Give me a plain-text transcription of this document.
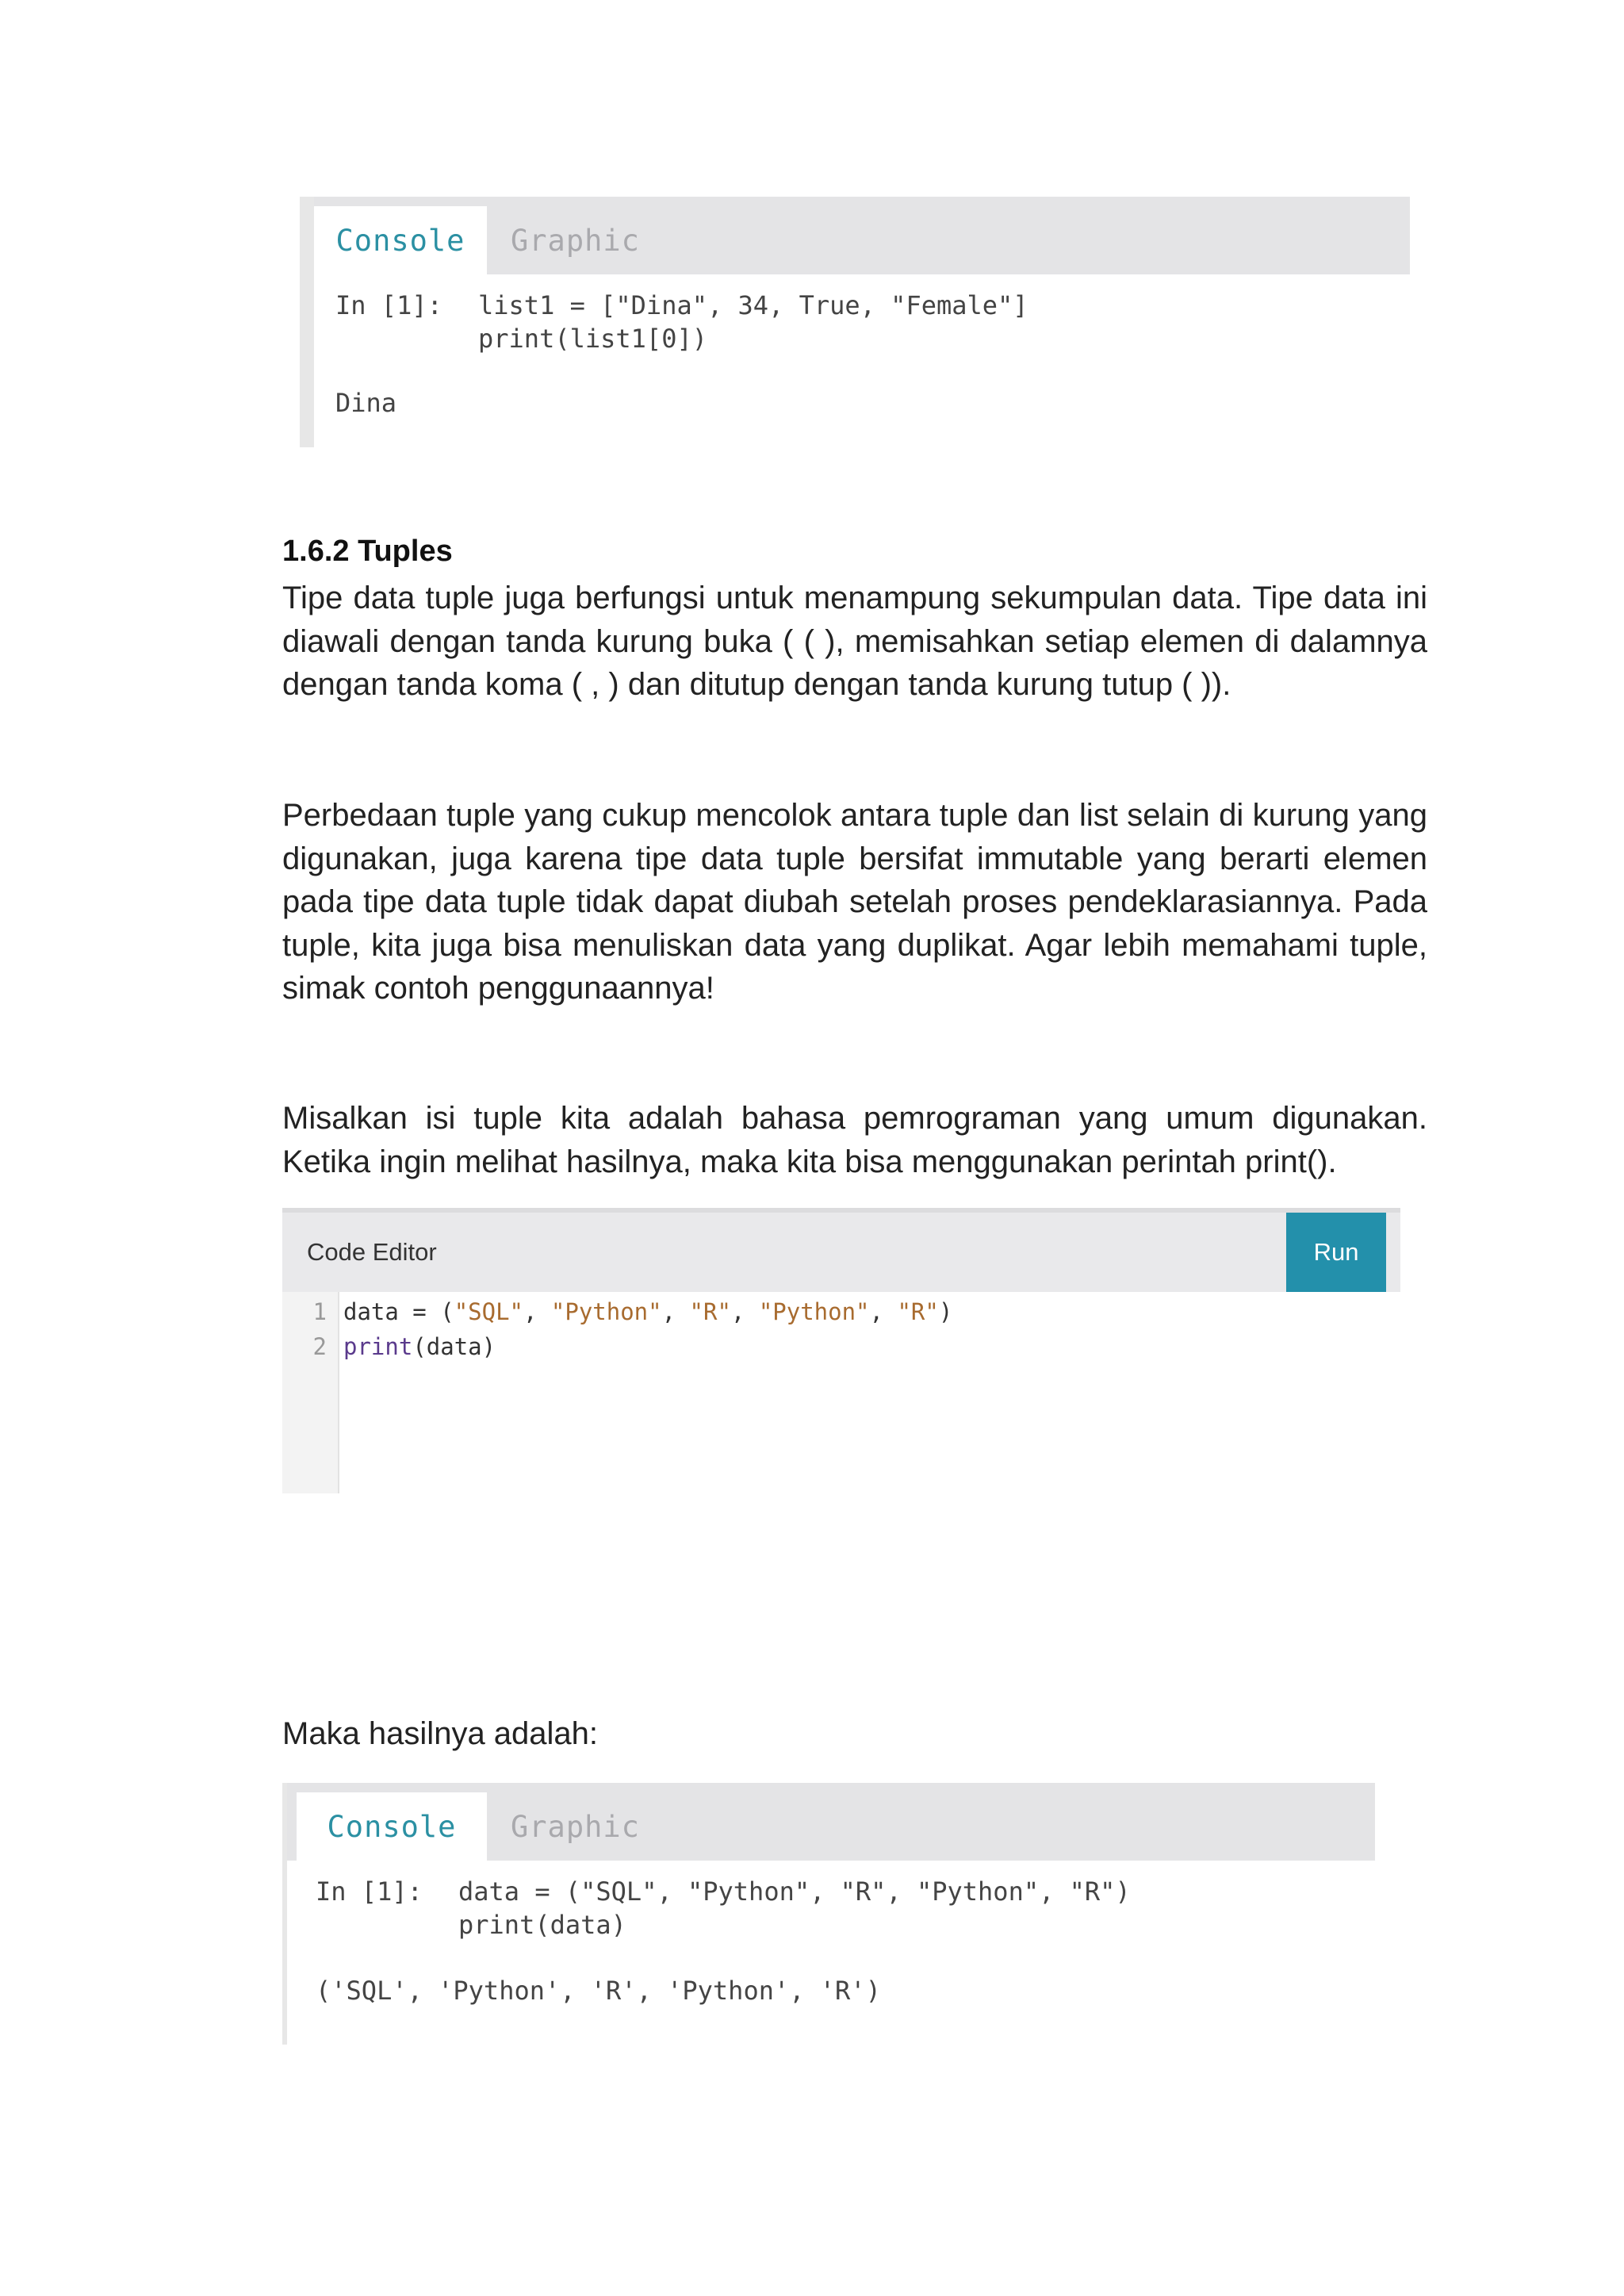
Console	Graphic
In [1]: list1 = ["Dina", 34, True, "Female"]
print(list1[0])
Dina
1.6.2 Tuples
Tipe data tuple juga berfungsi untuk menampung sekumpulan data. Tipe data ini diawali dengan tanda kurung buka ( ( ), memisahkan setiap elemen di dalamnya dengan tanda koma ( , ) dan ditutup dengan tanda kurung tutup ( )).
Perbedaan tuple yang cukup mencolok antara tuple dan list selain di kurung yang digunakan, juga karena tipe data tuple bersifat immutable yang berarti elemen pada tipe data tuple tidak dapat diubah setelah proses pendeklarasiannya. Pada tuple, kita juga bisa menuliskan data yang duplikat. Agar lebih memahami tuple, simak contoh penggunaannya!
Misalkan isi tuple kita adalah bahasa pemrograman yang umum digunakan. Ketika ingin melihat hasilnya, maka kita bisa menggunakan perintah print().
Code Editor	Run
1
2
data = ("SQL", "Python", "R", "Python", "R")
print(data)
Maka hasilnya adalah:
Console	Graphic
In [1]: data = ("SQL", "Python", "R", "Python", "R")
print(data)
('SQL', 'Python', 'R', 'Python', 'R')
